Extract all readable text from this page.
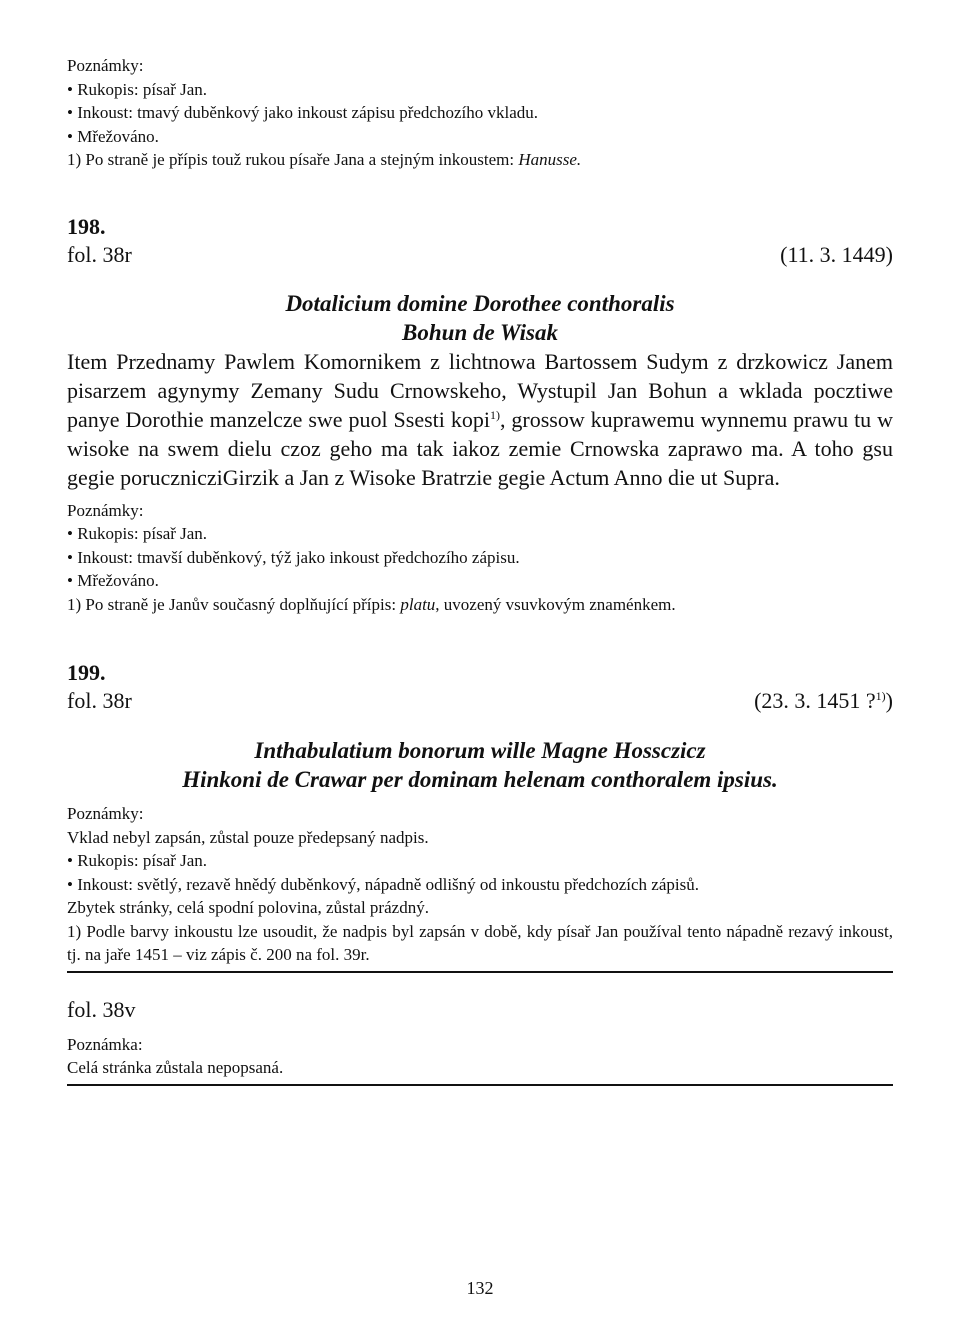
Poznámky:
• Rukopis: písař Jan.
• Inkoust: tmavý duběnkový jako inkoust zápisu předchozího vkladu.
• Mřežováno.
1) Po straně je přípis touž rukou písaře Jana a stejným inkoustem: Hanusse.
198.
fol. 38r	(11. 3. 1449)
Dotalicium domine Dorothee conthoralis
Bohun de Wisak
Item Przednamy Pawlem Komornikem z lichtnowa Bartossem Sudym z drzkowicz Janem pisarzem agynymy Zemany Sudu Crnowskeho, Wystupil Jan Bohun a wklada pocztiwe panye Dorothie manzelcze swe puol Ssesti kopi$^{1)}$, grossow kuprawemu wynnemu prawu tu w wisoke na swem dielu czoz geho ma tak iakoz zemie Crnowska zaprawo ma. A toho gsu gegie porucznicziGirzik a Jan z Wisoke Bratrzie gegie Actum Anno die ut Supra.
Poznámky:
• Rukopis: písař Jan.
• Inkoust: tmavší duběnkový, týž jako inkoust předchozího zápisu.
• Mřežováno.
1) Po straně je Janův současný doplňující přípis: platu, uvozený vsuvkovým znaménkem.
199.
fol. 38r	(23. 3. 1451 ?$^{1)}$)
Inthabulatium bonorum wille Magne Hossczicz
Hinkoni de Crawar per dominam helenam conthoralem ipsius.
Poznámky:
Vklad nebyl zapsán, zůstal pouze předepsaný nadpis.
• Rukopis: písař Jan.
• Inkoust: světlý, rezavě hnědý duběnkový, nápadně odlišný od inkoustu předchozích zápisů.
Zbytek stránky, celá spodní polovina, zůstal prázdný.
1) Podle barvy inkoustu lze usoudit, že nadpis byl zapsán v době, kdy písař Jan používal tento nápadně rezavý inkoust, tj. na jaře 1451 – viz zápis č. 200 na fol. 39r.
fol. 38v
Poznámka:
Celá stránka zůstala nepopsaná.
132
